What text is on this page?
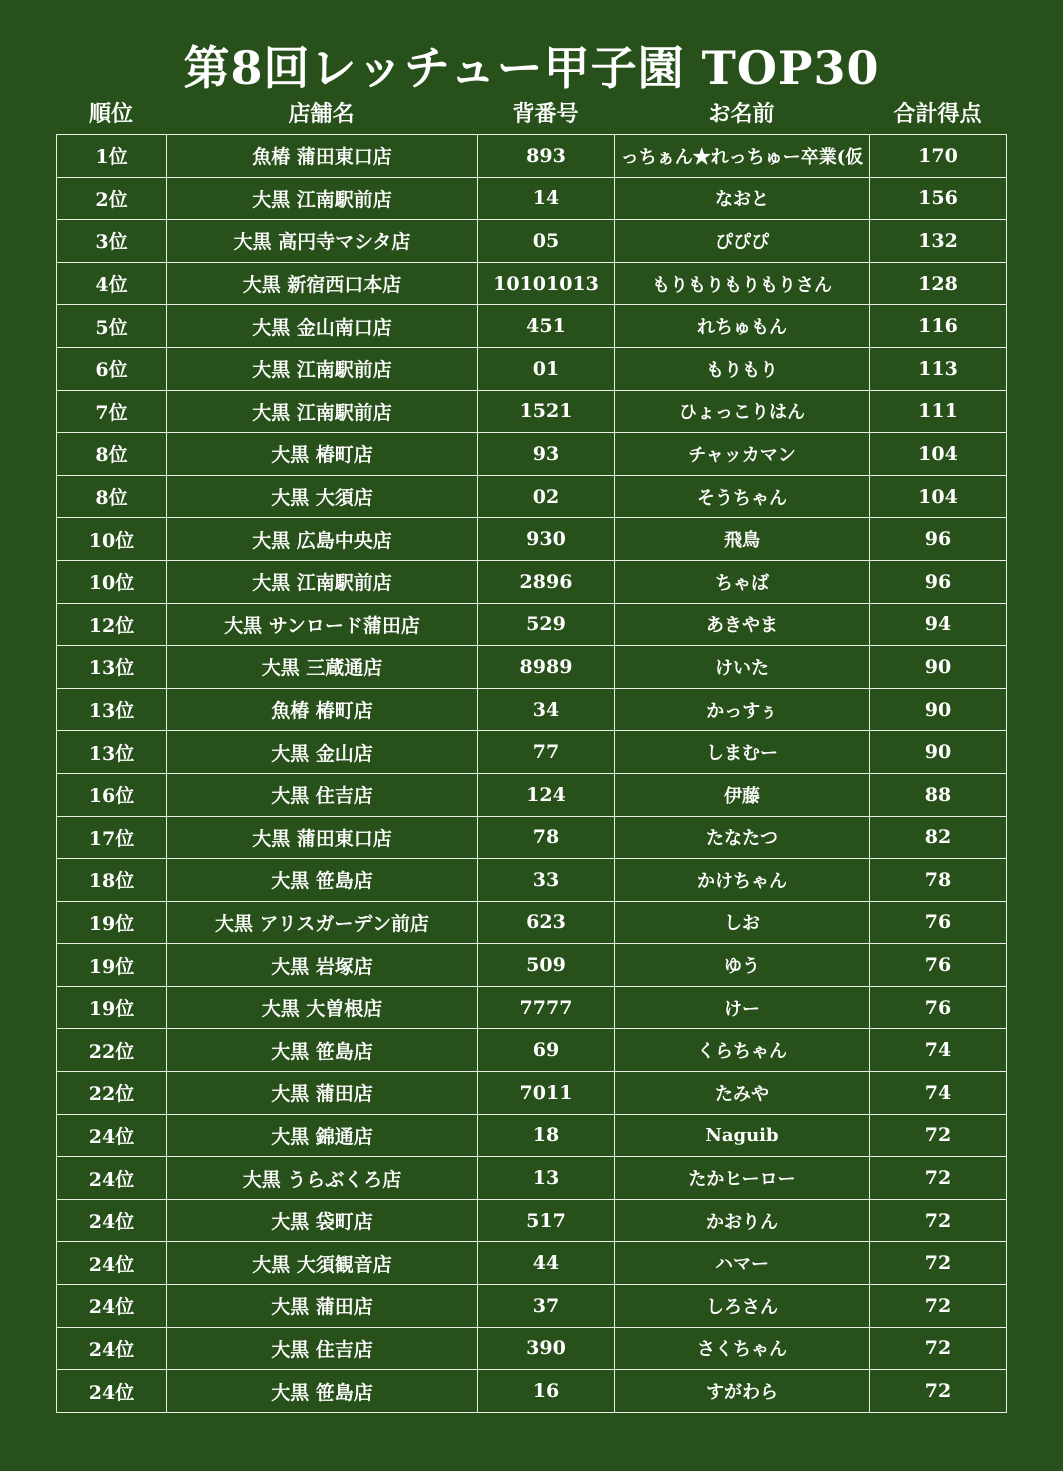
第8回レッチュー甲子園 TOP30
順位	店舗名	背番号	お名前	合計得点
1位	魚椿 蒲田東口店	893	っちぁん★れっちゅー卒業(仮	170
2位	大黒 江南駅前店	14	なおと	156
3位	大黒 高円寺マシタ店	05	ぴぴぴ	132
4位	大黒 新宿西口本店	10101013	もりもりもりもりさん	128
5位	大黒 金山南口店	451	れちゅもん	116
6位	大黒 江南駅前店	01	もりもり	113
7位	大黒 江南駅前店	1521	ひょっこりはん	111
8位	大黒 椿町店	93	チャッカマン	104
8位	大黒 大須店	02	そうちゃん	104
10位	大黒 広島中央店	930	飛鳥	96
10位	大黒 江南駅前店	2896	ちゃば	96
12位	大黒 サンロード蒲田店	529	あきやま	94
13位	大黒 三蔵通店	8989	けいた	90
13位	魚椿 椿町店	34	かっすぅ	90
13位	大黒 金山店	77	しまむー	90
16位	大黒 住吉店	124	伊藤	88
17位	大黒 蒲田東口店	78	たなたつ	82
18位	大黒 笹島店	33	かけちゃん	78
19位	大黒 アリスガーデン前店	623	しお	76
19位	大黒 岩塚店	509	ゆう	76
19位	大黒 大曽根店	7777	けー	76
22位	大黒 笹島店	69	くらちゃん	74
22位	大黒 蒲田店	7011	たみや	74
24位	大黒 錦通店	18	Naguib	72
24位	大黒 うらぶくろ店	13	たかヒーロー	72
24位	大黒 袋町店	517	かおりん	72
24位	大黒 大須観音店	44	ハマー	72
24位	大黒 蒲田店	37	しろさん	72
24位	大黒 住吉店	390	さくちゃん	72
24位	大黒 笹島店	16	すがわら	72
